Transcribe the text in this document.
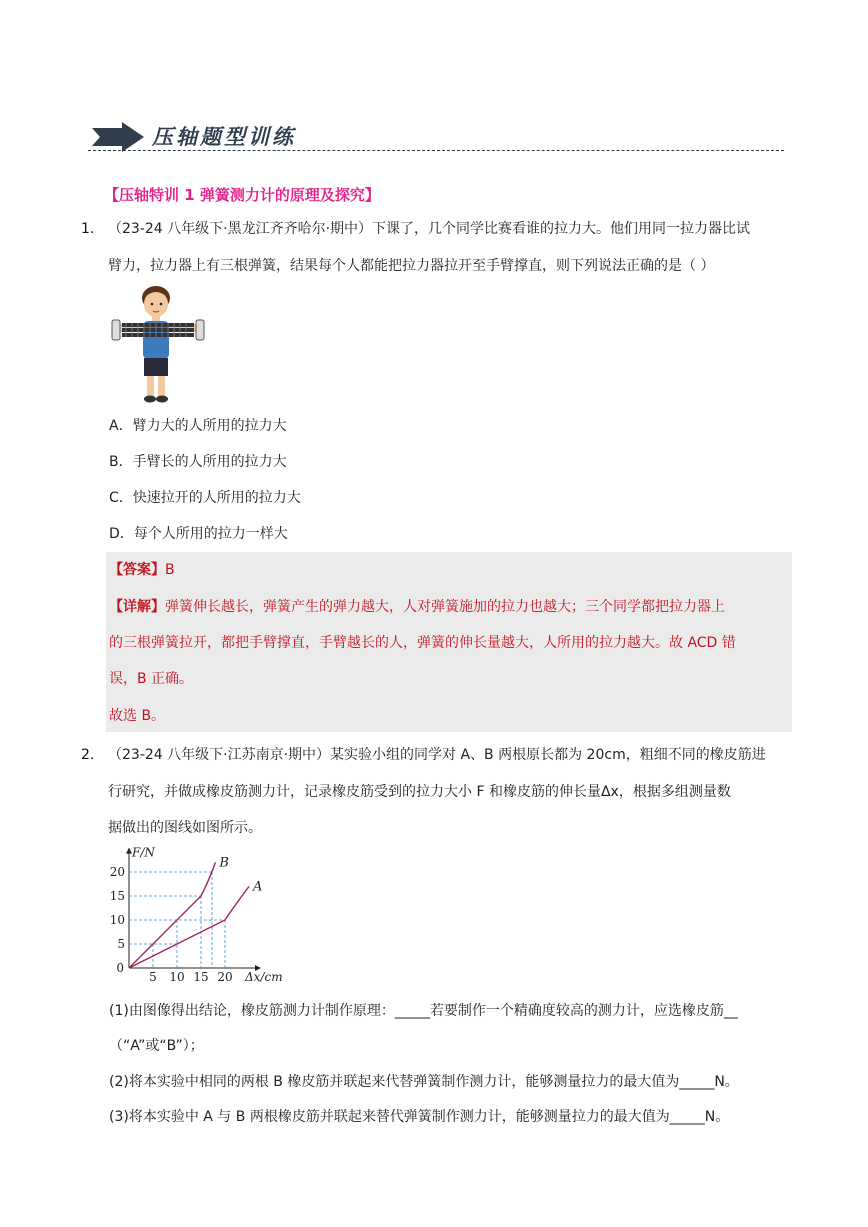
压轴题型训练
【压轴特训 1 弹簧测力计的原理及探究】
1. （23-24 八年级下·黑龙江齐齐哈尔·期中）下课了，几个同学比赛看谁的拉力大。他们用同一拉力器比试
臂力，拉力器上有三根弹簧，结果每个人都能把拉力器拉开至手臂撑直，则下列说法正确的是（ ）
A．臂力大的人所用的拉力大
B．手臂长的人所用的拉力大
C．快速拉开的人所用的拉力大
D．每个人所用的拉力一样大
【答案】B
【详解】弹簧伸长越长，弹簧产生的弹力越大，人对弹簧施加的拉力也越大；三个同学都把拉力器上
的三根弹簧拉开，都把手臂撑直，手臂越长的人，弹簧的伸长量越大，人所用的拉力越大。故 ACD 错
误，B 正确。
故选 B。
2. （23-24 八年级下·江苏南京·期中）某实验小组的同学对 A、B 两根原长都为 20cm，粗细不同的橡皮筋进
行研究，并做成橡皮筋测力计，记录橡皮筋受到的拉力大小 F 和橡皮筋的伸长量Δx，根据多组测量数
据做出的图线如图所示。
5 10 15 20
5
10
15
20
0
Δx/cm
F/N
B
A
(1)由图像得出结论，橡皮筋测力计制作原理：_____若要制作一个精确度较高的测力计，应选橡皮筋__
（“A”或“B”）；
(2)将本实验中相同的两根 B 橡皮筋并联起来代替弹簧制作测力计，能够测量拉力的最大值为_____N。
(3)将本实验中 A 与 B 两根橡皮筋并联起来替代弹簧制作测力计，能够测量拉力的最大值为_____N。
